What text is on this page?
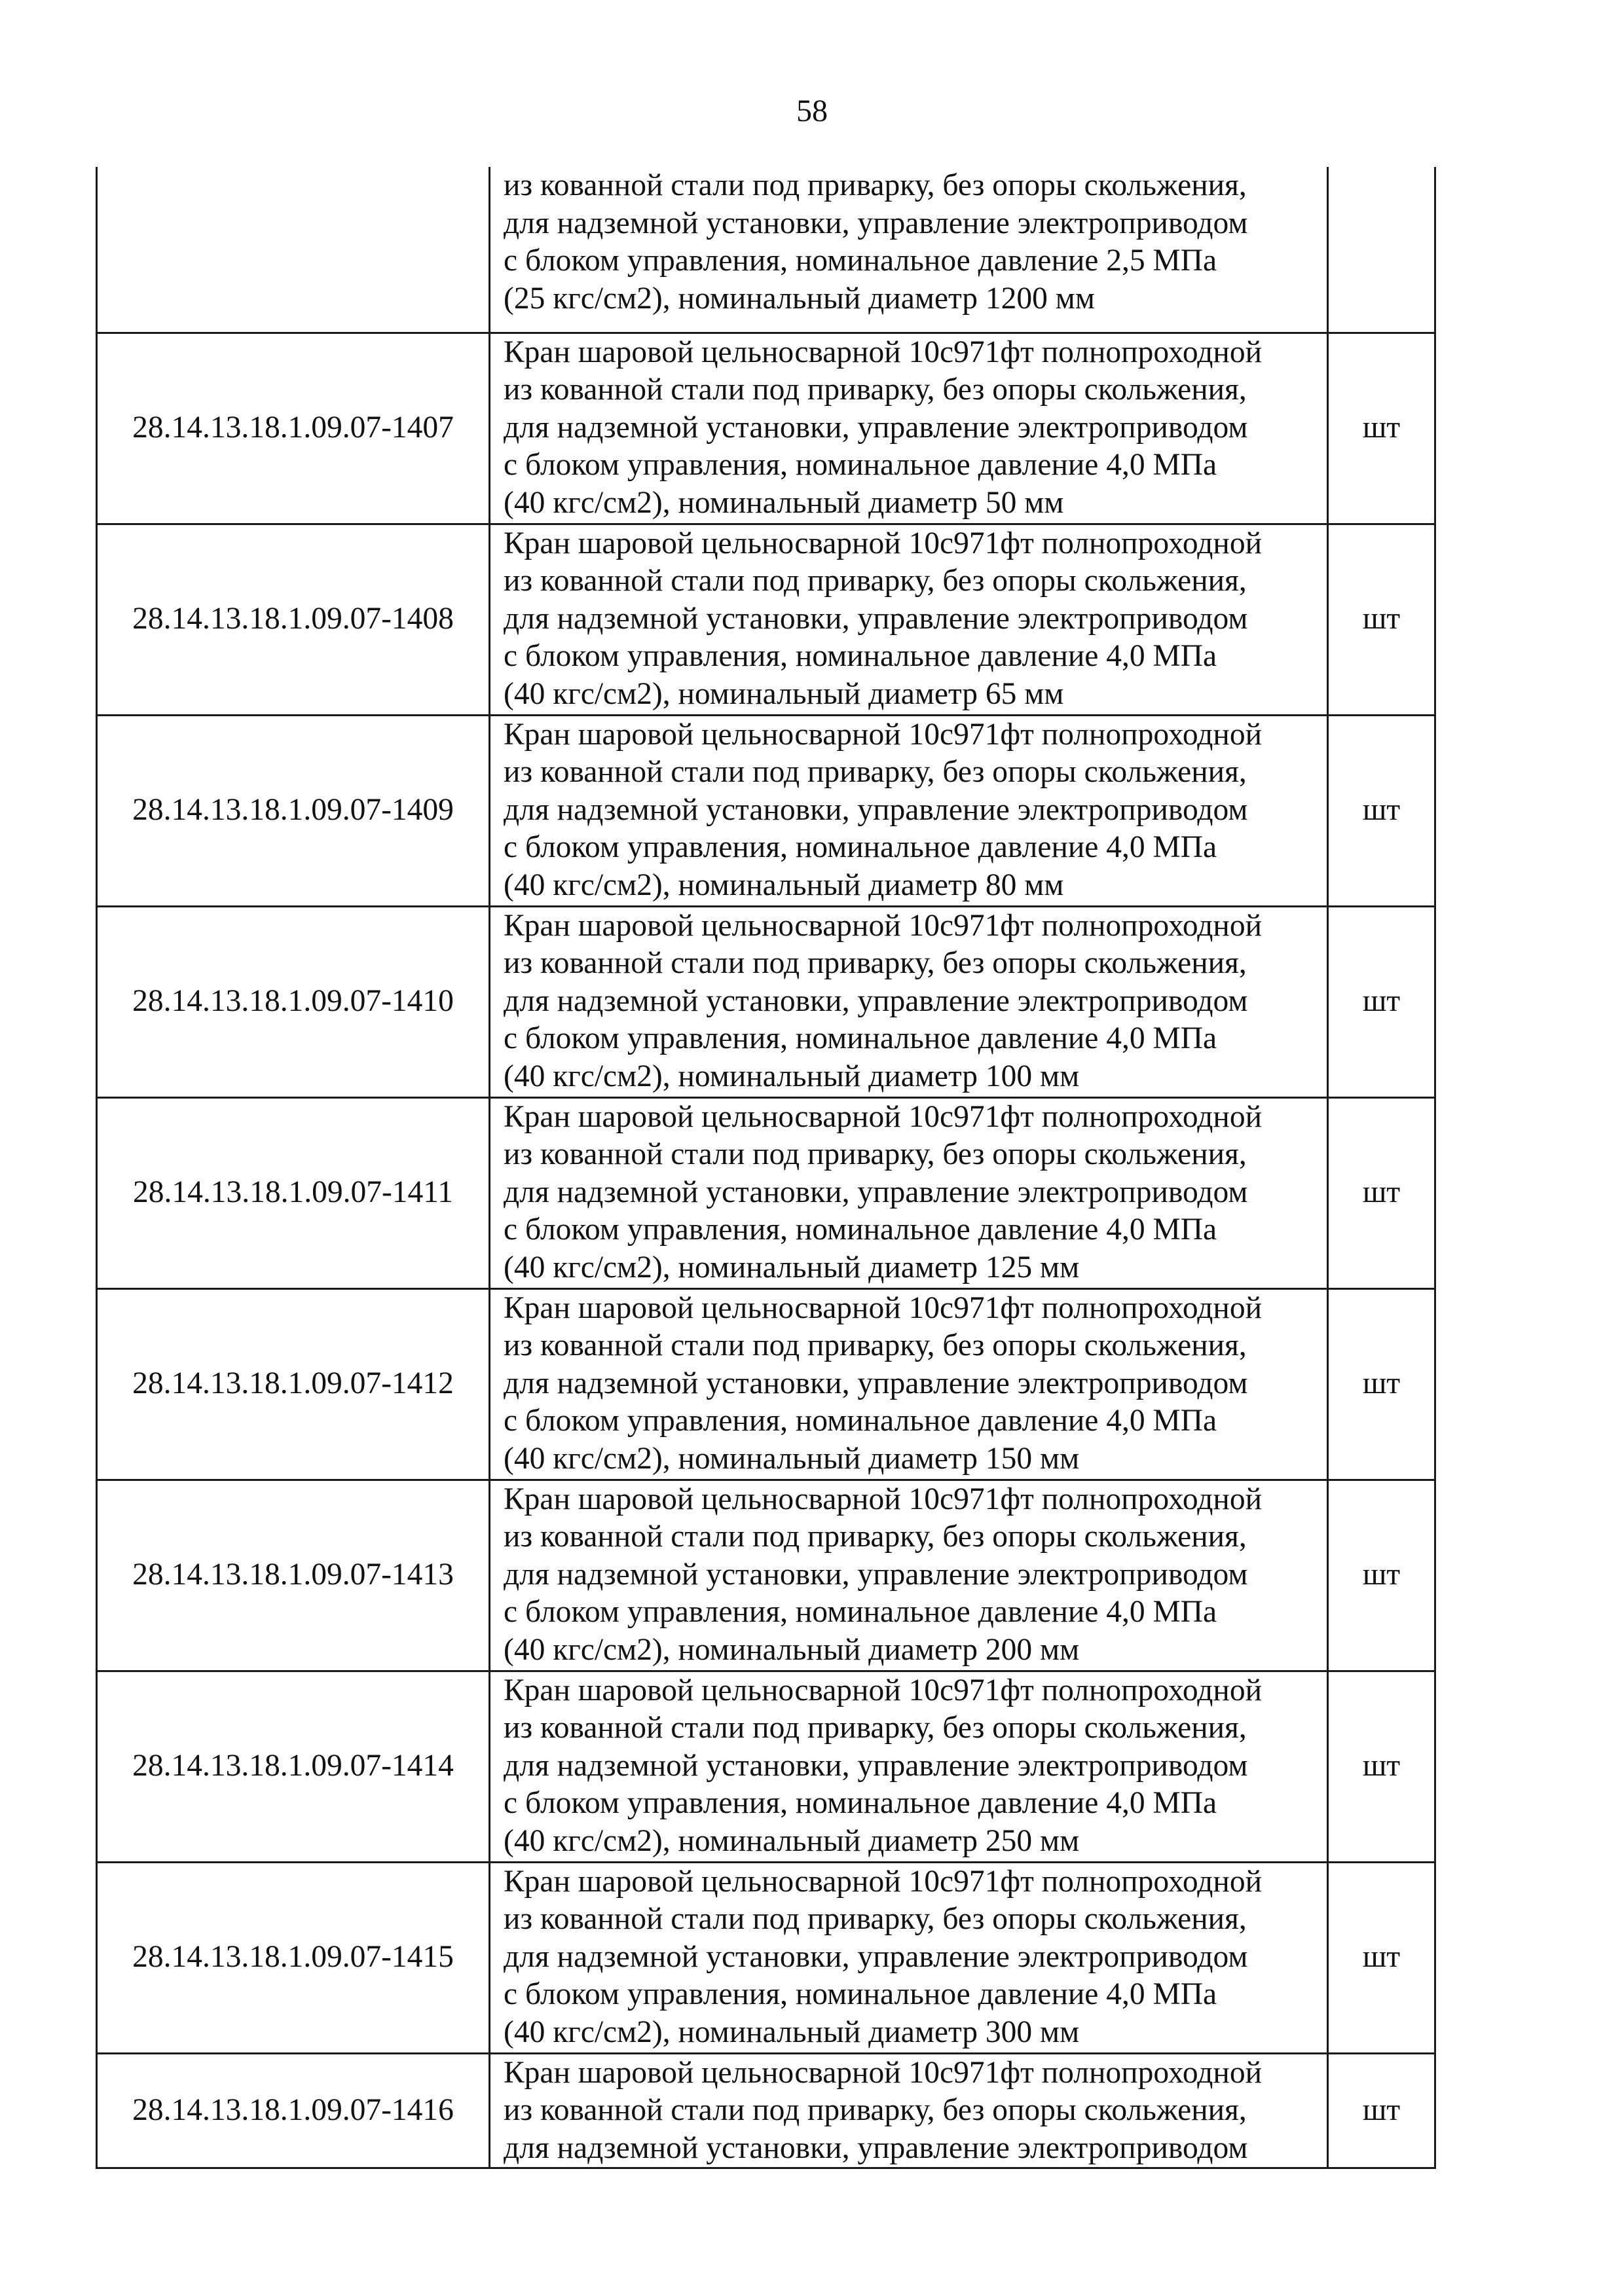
58
	из кованной стали под приварку, без опоры скольжения,
для надземной установки, управление электроприводом
с блоком управления, номинальное давление 2,5 МПа
(25 кгс/см2), номинальный диаметр 1200 мм	
28.14.13.18.1.09.07-1407	Кран шаровой цельносварной 10с971фт полнопроходной
из кованной стали под приварку, без опоры скольжения,
для надземной установки, управление электроприводом
с блоком управления, номинальное давление 4,0 МПа
(40 кгс/см2), номинальный диаметр 50 мм	шт
28.14.13.18.1.09.07-1408	Кран шаровой цельносварной 10с971фт полнопроходной
из кованной стали под приварку, без опоры скольжения,
для надземной установки, управление электроприводом
с блоком управления, номинальное давление 4,0 МПа
(40 кгс/см2), номинальный диаметр 65 мм	шт
28.14.13.18.1.09.07-1409	Кран шаровой цельносварной 10с971фт полнопроходной
из кованной стали под приварку, без опоры скольжения,
для надземной установки, управление электроприводом
с блоком управления, номинальное давление 4,0 МПа
(40 кгс/см2), номинальный диаметр 80 мм	шт
28.14.13.18.1.09.07-1410	Кран шаровой цельносварной 10с971фт полнопроходной
из кованной стали под приварку, без опоры скольжения,
для надземной установки, управление электроприводом
с блоком управления, номинальное давление 4,0 МПа
(40 кгс/см2), номинальный диаметр 100 мм	шт
28.14.13.18.1.09.07-1411	Кран шаровой цельносварной 10с971фт полнопроходной
из кованной стали под приварку, без опоры скольжения,
для надземной установки, управление электроприводом
с блоком управления, номинальное давление 4,0 МПа
(40 кгс/см2), номинальный диаметр 125 мм	шт
28.14.13.18.1.09.07-1412	Кран шаровой цельносварной 10с971фт полнопроходной
из кованной стали под приварку, без опоры скольжения,
для надземной установки, управление электроприводом
с блоком управления, номинальное давление 4,0 МПа
(40 кгс/см2), номинальный диаметр 150 мм	шт
28.14.13.18.1.09.07-1413	Кран шаровой цельносварной 10с971фт полнопроходной
из кованной стали под приварку, без опоры скольжения,
для надземной установки, управление электроприводом
с блоком управления, номинальное давление 4,0 МПа
(40 кгс/см2), номинальный диаметр 200 мм	шт
28.14.13.18.1.09.07-1414	Кран шаровой цельносварной 10с971фт полнопроходной
из кованной стали под приварку, без опоры скольжения,
для надземной установки, управление электроприводом
с блоком управления, номинальное давление 4,0 МПа
(40 кгс/см2), номинальный диаметр 250 мм	шт
28.14.13.18.1.09.07-1415	Кран шаровой цельносварной 10с971фт полнопроходной
из кованной стали под приварку, без опоры скольжения,
для надземной установки, управление электроприводом
с блоком управления, номинальное давление 4,0 МПа
(40 кгс/см2), номинальный диаметр 300 мм	шт
28.14.13.18.1.09.07-1416	Кран шаровой цельносварной 10с971фт полнопроходной
из кованной стали под приварку, без опоры скольжения,
для надземной установки, управление электроприводом	шт
